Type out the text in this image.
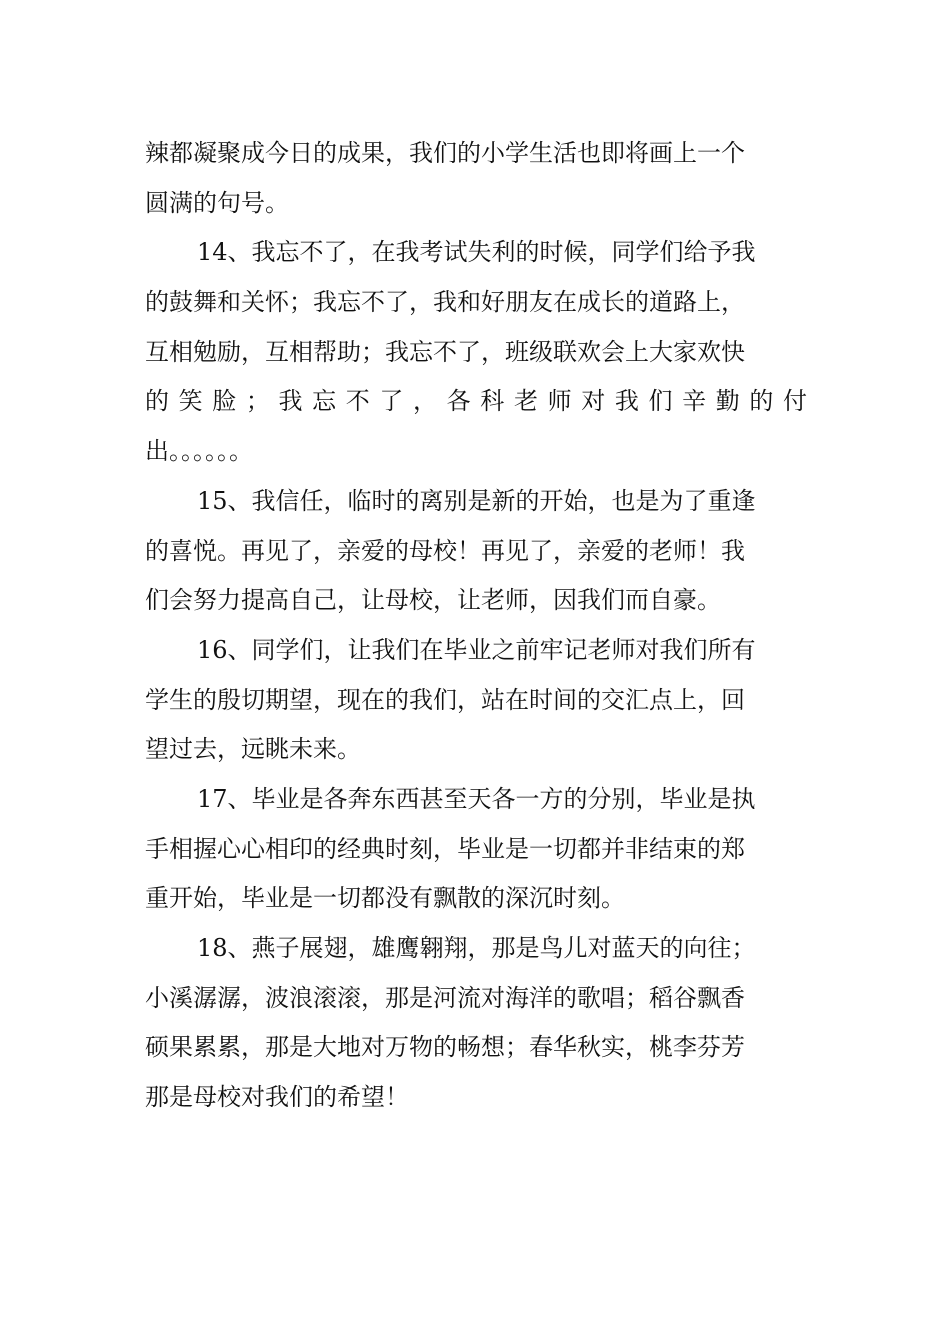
辣都凝聚成今日的成果，我们的小学生活也即将画上一个
圆满的句号。
14、我忘不了，在我考试失利的时候，同学们给予我
的鼓舞和关怀；我忘不了，我和好朋友在成长的道路上，
互相勉励，互相帮助；我忘不了，班级联欢会上大家欢快
的 笑 脸 ； 我 忘 不 了 ， 各 科 老 师 对 我 们 辛 勤 的 付
出。。。。。。
15、我信任，临时的离别是新的开始，也是为了重逢
的喜悦。再见了，亲爱的母校！再见了，亲爱的老师！我
们会努力提高自己，让母校，让老师，因我们而自豪。
16、同学们，让我们在毕业之前牢记老师对我们所有
学生的殷切期望，现在的我们，站在时间的交汇点上，回
望过去，远眺未来。
17、毕业是各奔东西甚至天各一方的分别，毕业是执
手相握心心相印的经典时刻，毕业是一切都并非结束的郑
重开始，毕业是一切都没有飘散的深沉时刻。
18、燕子展翅，雄鹰翱翔，那是鸟儿对蓝天的向往；
小溪潺潺，波浪滚滚，那是河流对海洋的歌唱；稻谷飘香
硕果累累，那是大地对万物的畅想；春华秋实，桃李芬芳
那是母校对我们的希望！
